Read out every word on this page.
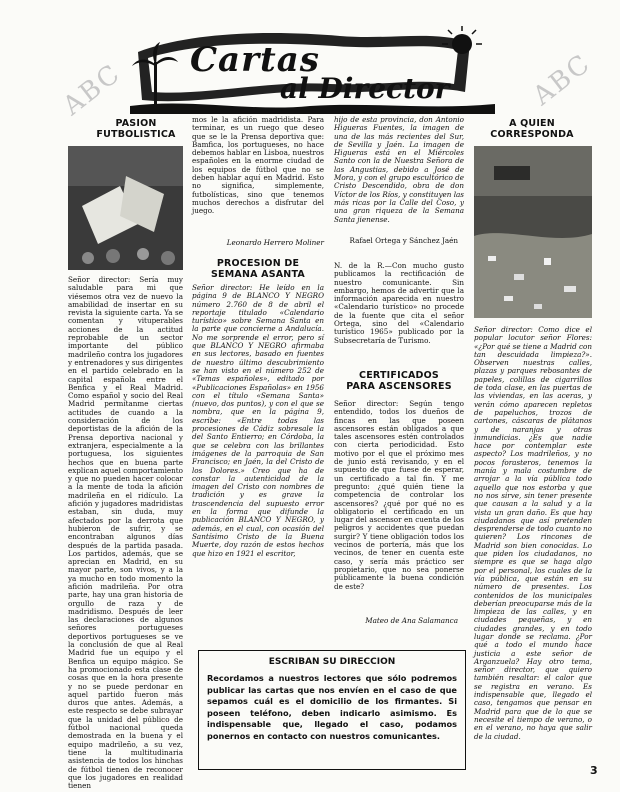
ABC	ABC
Cartas
al Director
PASION
FUTBOLISTICA
Señor director: Sería muy saludable para mi que viésemos otra vez de nuevo la amabilidad de insertar en su revista la siguiente carta. Ya se comentan y vituperables acciones de la actitud reprobable de un sector importante del público madrileño contra los jugadores y entrenadores y sus dirigentes en el partido celebrado en la capital española entre el Benfica y el Real Madrid. Como español y socio del Real Madrid permítanme ciertas actitudes de cuando a la consideración de los deportistas de la afición de la Prensa deportiva nacional y extranjera, especialmente a la portuguesa, los siguientes hechos que en buena parte explican aquel comportamiento y que no pueden hacer colocar a la mente de toda la afición madrileña en el ridículo. La afición y jugadores madridistas estaban, sin duda, muy afectados por la derrota que hubieron de sufrir, y se encontraban algunos días después de la partida pasada. Los partidos, además, que se aprecian en Madrid, en su mayor parte, son vivos, y a la ya mucho en todo momento la afición madrileña. Por otra parte, hay una gran historia de orgullo de raza y de madridismo. Después de leer las declaraciones de algunos señores portugueses deportivos portugueses se ve la conclusión de que al Real Madrid fue un equipo y el Benfica un equipo mágico. Se ha promocionado esta clase de cosas que en la hora presente y no se puede perdonar en aquel partido fueron más duros que antes. Además, a este respecto se debe subrayar que la unidad del público de fútbol nacional queda demostrada en la buena y el equipo madrileño, a su vez, tiene la multitudinaria asistencia de todos los hinchas de fútbol tienen de reconocer que los jugadores en realidad tienen
mos le la afición madridista. Para terminar, es un ruego que deseo que se le la Prensa deportiva que: Bamfica, los portugueses, no hace debemos hablar en Lisboa, nuestros españoles en la enorme ciudad de los equipos de fútbol que no se deben hablar aquí en Madrid. Esto no significa, simplemente, futbolísticas, sino que tenemos muchos derechos a disfrutar del juego.
Leonardo Herrero Moliner
PROCESION DE
SEMANA ASANTA
Señor director: He leído en la página 9 de BLANCO Y NEGRO número 2.760 de 8 de abril el reportaje titulado «Calendario turístico» sobre Semana Santa en la parte que concierne a Andalucía. No me sorprende el error, pero sí que BLANCO Y NEGRO afirmaba en sus lectores, basado en fuentes de nuestro último descubrimiento se han visto en el número 252 de «Temas españoles», editado por «Publicaciones Españolas» en 1956 con el título «Semana Santa» (nuevo, dos puntos), y con el que se nombra, que en la página 9, escribe: «Entre todas las procesiones de Cádiz sobresale la del Santo Entierro; en Córdoba, la que se celebra con las brillantes imágenes de la parroquia de San Francisco; en Jaén, la del Cristo de los Dolores.» Creo que ha de constar la autenticidad de la imagen del Cristo con nombres de tradición y es grave la trascendencia del supuesto error en la forma que difunde la publicación BLANCO Y NEGRO, y además, en el cual, con ocasión del Santísimo Cristo de la Buena Muerte, doy razón de estos hechos que hizo en 1921 el escritor,
hijo de esta provincia, don Antonio Higueras Fuentes, la imagen de una de las más recientes del Sur, de Sevilla y Jaén. La imagen de Higueras está en el Miércoles Santo con la de Nuestra Señora de las Angustias, debido a José de Mora, y con el grupo escultórico de Cristo Descendido, obra de don Víctor de los Ríos, y constituyen las más ricas por la Calle del Coso, y una gran riqueza de la Semana Santa jienense.
Rafael Ortega y Sánchez Jaén
N. de la R.—Con mucho gusto publicamos la rectificación de nuestro comunicante. Sin embargo, hemos de advertir que la información aparecida en nuestro «Calendario turístico» no procede de la fuente que cita el señor Ortega, sino del «Calendario turístico 1965» publicado por la Subsecretaría de Turismo.
CERTIFICADOS
PARA ASCENSORES
Señor director: Según tengo entendido, todos los dueños de fincas en las que poseen ascensores están obligados a que tales ascensores estén controlados con cierta periodicidad. Esto motivo por el que el próximo mes de junio está revisando, y en el supuesto de que fuese de esperar, un certificado a tal fin. Y me pregunto: ¿qué quién tiene la competencia de controlar los ascensores? ¿qué por qué no es obligatorio el certificado en un lugar del ascensor en cuenta de los peligros y accidentes que puedan surgir? Y tiene obligación todos los vecinos de portería, más que los vecinos, de tener en cuenta este caso, y sería más práctico ser propietario, que no sea ponerse públicamente la buena condición de este?
Mateo de Ana Salamanca
A QUIEN
CORRESPONDA
Señor director: Como dice el popular locutor señor Flores: «¿Por qué se tiene a Madrid con tan descuidada limpieza?». Observen nuestras calles, plazas y parques rebosantes de papeles, colillas de cigarrillos de toda clase, en las puertas de las viviendas, en las aceras, y verán cómo aparecen repletos de papeluchos, trozos de cartones, cáscaras de plátanos y de naranjas y otras inmundicias. ¿Es que nadie hace por contemplar este aspecto? Los madrileños, y no pocos forasteros, tenemos la manía y mala costumbre de arrojar a la vía pública todo aquello que nos estorba y que no nos sirve, sin tener presente que causan a la salud y a la vista un gran daño. Es que hay ciudadanos que así pretenden desprenderse de todo cuanto no quieren? Los rincones de Madrid son bien conocidas. Lo que piden los ciudadanos, no siempre es que se haga algo por el personal, los cuales de la vía pública, que están en su número de presentes. Los contenidos de los municipales deberían preocuparse más de la limpieza de las calles, y en ciudades pequeñas, y en ciudades grandes, y en todo lugar donde se reclama. ¿Por qué a todo el mundo hace justicia a este señor de Arganzuela? Hay otro tema, señor director, que quiero también resaltar: el calor que se registra en verano. Es indispensable que, llegado el caso, tengamos que pensar en Madrid para que de lo que se necesite el tiempo de verano, o en el verano, no haya que salir de la ciudad.
ESCRIBAN SU DIRECCION
Recordamos a nuestros lectores que sólo podremos publicar las cartas que nos envíen en el caso de que sepamos cuál es el domicilio de los firmantes. Si poseen teléfono, deben indicarlo asimismo. Es indispensable que, llegado el caso, podamos ponernos en contacto con nuestros comunicantes.
3
